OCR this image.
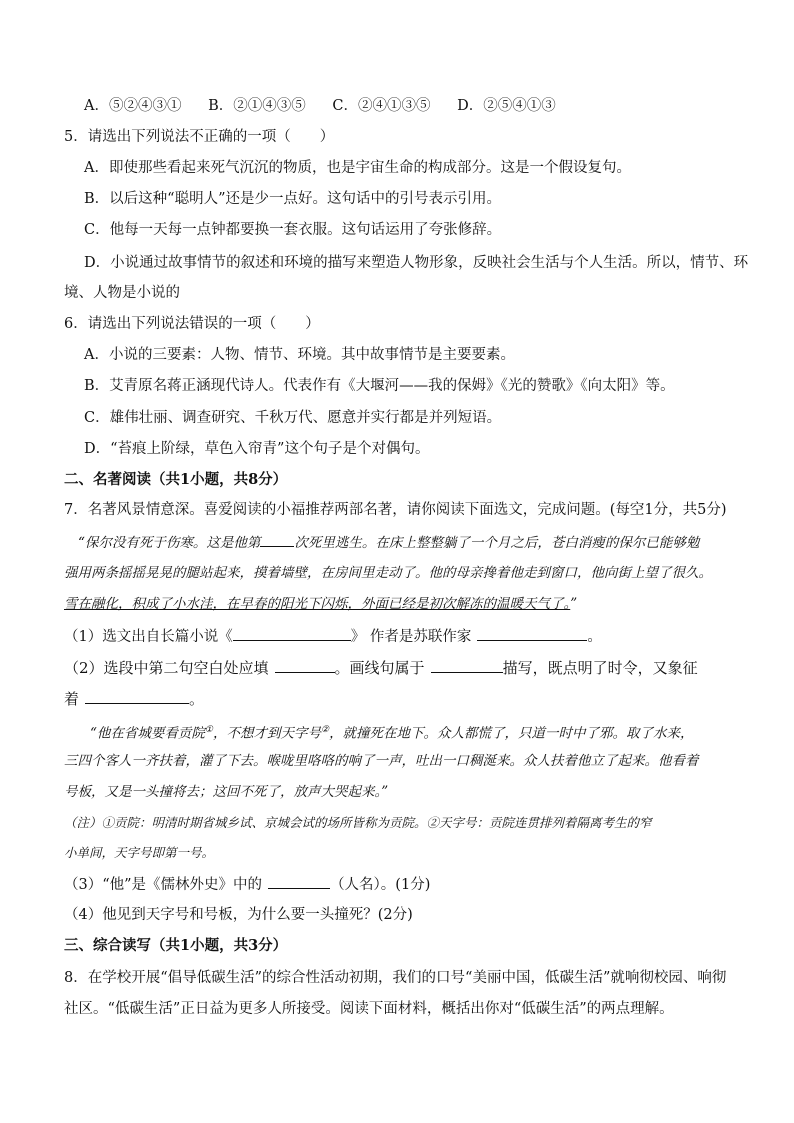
A．⑤②④③① B．②①④③⑤ C．②④①③⑤ D．②⑤④①③
5．请选出下列说法不正确的一项（　　）
A．即使那些看起来死气沉沉的物质，也是宇宙生命的构成部分。这是一个假设复句。
B．以后这种“聪明人”还是少一点好。这句话中的引号表示引用。
C．他每一天每一点钟都要换一套衣服。这句话运用了夸张修辞。
D．小说通过故事情节的叙述和环境的描写来塑造人物形象，反映社会生活与个人生活。所以，情节、环
境、人物是小说的
6．请选出下列说法错误的一项（　　）
A．小说的三要素：人物、情节、环境。其中故事情节是主要要素。
B．艾青原名蒋正涵现代诗人。代表作有《大堰河——我的保姆》《光的赞歌》《向太阳》等。
C．雄伟壮丽、调查研究、千秋万代、愿意并实行都是并列短语。
D．“苔痕上阶绿，草色入帘青”这个句子是个对偶句。
二、名著阅读（共1小题，共8分）
7．名著风景情意深。喜爱阅读的小福推荐两部名著，请你阅读下面选文，完成问题。(每空1分，共5分)
“保尔没有死于伤寒。这是他第	次死里逃生。在床上整整躺了一个月之后，苍白消瘦的保尔已能够勉
强用两条摇摇晃晃的腿站起来，摸着墙壁，在房间里走动了。他的母亲搀着他走到窗口，他向街上望了很久。
雪在融化，积成了小水洼，在早春的阳光下闪烁，外面已经是初次解冻的温暖天气了。”
（1）选文出自长篇小说《	》 作者是苏联作家	。
（2）选段中第二句空白处应填	。画线句属于	描写，既点明了时令，又象征
着	。
“他在省城要看贡院①，不想才到天字号②，就撞死在地下。众人都慌了，只道一时中了邪。取了水来，
三四个客人一齐扶着，灌了下去。喉咙里咯咯的响了一声，吐出一口稠涎来。众人扶着他立了起来。他看着
号板，又是一头撞将去；这回不死了，放声大哭起来。”
（注）①贡院：明清时期省城乡试、京城会试的场所皆称为贡院。②天字号：贡院连贯排列着隔离考生的窄
小单间，天字号即第一号。
（3）“他”是《儒林外史》中的	（人名）。(1分)
（4）他见到天字号和号板，为什么要一头撞死？(2分)
三、综合读写（共1小题，共3分）
8．在学校开展“倡导低碳生活”的综合性活动初期，我们的口号“美丽中国，低碳生活”就响彻校园、响彻
社区。“低碳生活”正日益为更多人所接受。阅读下面材料，概括出你对“低碳生活”的两点理解。
